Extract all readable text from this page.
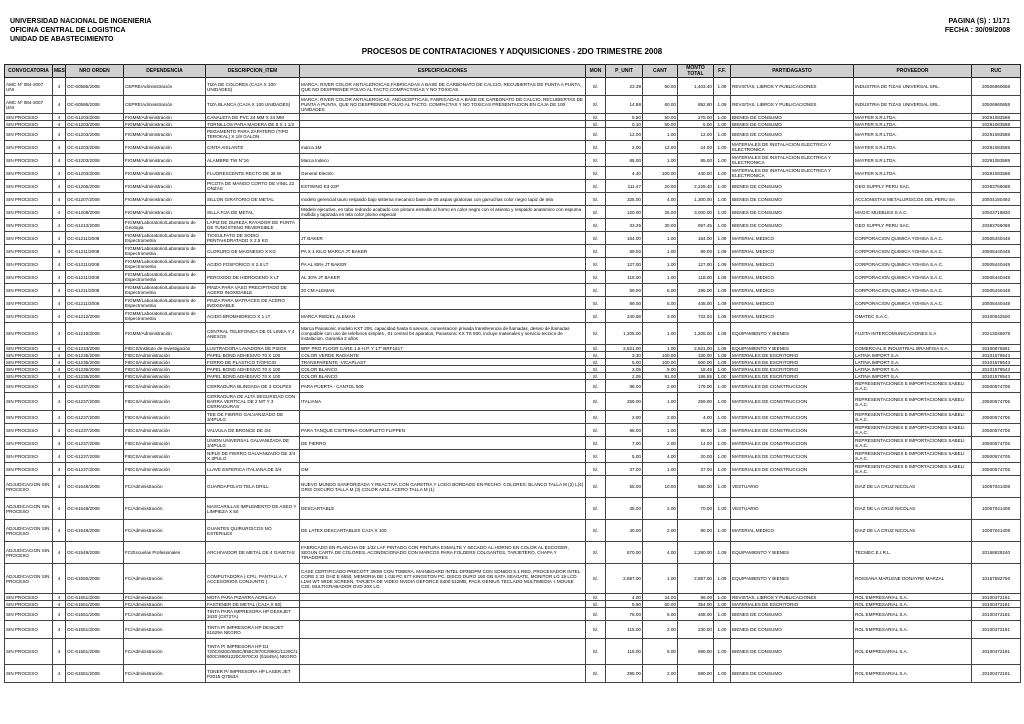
UNIVERSIDAD NACIONAL DE INGENIERIA
OFICINA CENTRAL DE LOGISTICA
UNIDAD DE ABASTECIMIENTO
PAGINA (S) : 1/171
FECHA : 30/09/2008
PROCESOS DE CONTRATACIONES Y ADQUISICIONES - 2DO TRIMESTRE 2008
CONVOCATORIA	MES	NRO ORDEN	DEPENDENCIA	DESCRIPCION_ITEM	ESPECIFICACIONES	MON	P_UNIT	CANT	MONTO TOTAL	F.F.	PARTIDAGASTO	PROVEEDOR	RUC
AMC Nº 084-2007 UNI	4	OC-60586/2008	CEPRE/Administración	TIZA DE COLORES (CAJA X 100 UNIDADES)	MARCA: RIVER COLOR ANTIALERGICAS,FABRICADAS A BASE DE CARBONATO DE CALCIO, RECUBIERTAS DE PUNTA A PUNTA, QUE NO DESPRENDE POLVO AL TACTO,COMPACTADAS Y NO TOXICAS.	S/.	23.39	60.00	1,403.40	1.09	REVISTAS, LIBROS Y PUBLICACIONES	INDUSTRIA DE TIZAS UNIVERSAL SRL.	20506960658
AMC Nº 084-2007 UNI	4	OC-60586/2008	CEPRE/Administración	TIZA BLANCA (CAJA X 100 UNIDADES)	MARCA: RIVER COLOR ANTIALERGICAS, ANDUCEPTICAS, FABRICADAS A BASE DE CARBONATO DE CALCIO, RECUBIERTAS DE PUNTA A PUNTA, QUE NO DESPRENDE POLVO AL TACTO, COMPACTAS Y NO TOXICAS PRESENTACION EN CAJA DE 100 UNIDADES	S/.	14.88	60.00	892.80	1.09	REVISTAS, LIBROS Y PUBLICACIONES	INDUSTRIA DE TIZAS UNIVERSAL SRL.	20506960658
SIN PROCESO	4	OC-61203/2008	FIGMM/Administración	CANALETA DE PVC 24 MM X 24 MM		S/.	5.50	50.00	275.00	1.00	BIENES DE CONSUMO	MAYFER S.R.LTDA.	20291083588
SIN PROCESO	4	OC-61203/2008	FIGMM/Administración	TORNILLOS PARA MADERA DE 8 X 1 1/2		S/.	0.10	50.00	5.00	1.00	BIENES DE CONSUMO	MAYFER S.R.LTDA.	20291083588
SIN PROCESO	4	OC-61203/2008	FIGMM/Administración	PEGAMENTO PARA ZAPATERO (TIPO TEROKAL) X 1/8 GALON		S/.	12.00	1.00	12.00	1.00	BIENES DE CONSUMO	MAYFER S.R.LTDA.	20291083588
SIN PROCESO	4	OC-61203/2008	FIGMM/Administración	CINTA AISLANTE	marca 3M	S/.	2.00	12.00	24.00	1.00	MATERIALES DE INSTALACION ELECTRICA Y ELECTRONICA	MAYFER S.R.LTDA.	20291083588
SIN PROCESO	4	OC-61203/2008	FIGMM/Administración	ALAMBRE TW N°16	Marca Indeco	S/.	85.00	1.00	85.00	1.00	MATERIALES DE INSTALACION ELECTRICA Y ELECTRONICA	MAYFER S.R.LTDA.	20291083588
SIN PROCESO	4	OC-61203/2008	FIGMM/Administración	FLUORESCENTE RECTO DE 36 W	General Electric	S/.	4.40	100.00	440.00	1.00	MATERIALES DE INSTALACION ELECTRICA Y ELECTRONICA	MAYFER S.R.LTDA.	20291083588
SIN PROCESO	4	OC-61206/2008	FIGMM/Administración	PICOTA DE MANGO CORTO DE VINIL 22 ONZAS	ESTWING E3-22P	S/.	111.47	20.00	2,229.40	1.00	BIENES DE CONSUMO	GEO SUPPLY PERU SAC.	20383766088
SIN PROCESO	4	OC-61207/2008	FIGMM/Administración	SILLON GIRATORIO DE METAL	modelo gerencial tauro respaldo bajo sistema mecanico base de 05 aspas giratorias con garruchas color negro tapiz de tela	S/.	325.00	4.00	1,300.00	1.00	BIENES DE CONSUMO	ACCIONISTAS METALURGICOS DEL PERU SA	20504180493
SIN PROCESO	4	OC-61208/2008	FIGMM/Administración	SILLA FIJA DE METAL	Modelo ejecutivo, en tubo redondo acabado con pintura esmalte al horno en color negro con el asiento y respaldo anatomico con espuma mullida y tapizada en tela color plomo especial	S/.	120.00	25.00	3,000.00	1.00	BIENES DE CONSUMO	MAGIC MUEBLES S.A.C.	20503718830
SIN PROCESO	4	OC-61210/2008	FIGMM/Laboratorio/Laboratorio de Geologia	LAPIZ DE DUREZA RAYADOR DE PUNTA DE TUNGSTENO REVERSIBLE		S/.	33.25	30.00	997.45	1.00	BIENES DE CONSUMO	GEO SUPPLY PERU SAC.	20383766088
SIN PROCESO	4	OC-61211/2008	FIGMM/Laboratorio/Laboratorio de Espectrometria	TIOSULFATO DE SODIO PENTAHIDRATADO X 2.5 KG	JT BAKER	S/.	164.00	1.00	164.00	1.09	MATERIAL MEDICO	CORPORACION QUIMICA YOHISA S.A.C.	20505440448
SIN PROCESO	4	OC-61211/2008	FIGMM/Laboratorio/Laboratorio de Espectrometria	CLORURO DE MAGNESIO X KG	PA X 1 KILO MARCA JT BAKER	S/.	89.00	1.00	89.00	1.09	MATERIAL MEDICO	CORPORACION QUIMICA YOHISA S.A.C.	20505440448
SIN PROCESO	4	OC-61211/2008	FIGMM/Laboratorio/Laboratorio de Espectrometria	ACIDO FOSFORICO X 2.5 LT	PA AL 85% JT BAKER	S/.	127.00	1.00	127.00	1.09	MATERIAL MEDICO	CORPORACION QUIMICA YOHISA S.A.C.	20505440448
SIN PROCESO	4	OC-61211/2008	FIGMM/Laboratorio/Laboratorio de Espectrometria	PEROXIDO DE HIDROGENO X LT	AL 30% JT BAKER	S/.	118.00	1.00	118.00	1.09	MATERIAL MEDICO	CORPORACION QUIMICA YOHISA S.A.C.	20505440448
SIN PROCESO	4	OC-61211/2008	FIGMM/Laboratorio/Laboratorio de Espectrometria	PINZA PARA VASO PRECIPITADO DE ACERO INOXIDABLE	20 CM ALEMAN	S/.	59.00	5.00	295.00	1.09	MATERIAL MEDICO	CORPORACION QUIMICA YOHISA S.A.C.	20505440448
SIN PROCESO	4	OC-61211/2008	FIGMM/Laboratorio/Laboratorio de Espectrometria	PINZA PARA MATRACES DE ACERO INOXIDABLE		S/.	89.00	5.00	445.00	1.09	MATERIAL MEDICO	CORPORACION QUIMICA YOHISA S.A.C.	20505440448
SIN PROCESO	4	OC-61212/2008	FIGMM/Laboratorio/Laboratorio de Espectrometria	ACIDO BROMHIDRICO X 1 LT	MARCA RIEDEL ALEMAN	S/.	240.68	3.00	722.04	1.09	MATERIAL MEDICO	OMATEC S.A.C.	20100042500
SIN PROCESO	4	OC-61215/2008	FIGMM/Administración	CENTRAL TELEFONICA DE 01 LINEA Y 4 ANEXOS	Marca Panasonic modelo KXT 206, capacidad hasta 6 anexos, conversacion privada transferencia de llamadas, desvio de llamadas compatible con uso de telefonos simples , 01 central 04 aparatos, Panasonic KX TS 500, incluye materiales y servicio tecnico de instalacion. Garantia 2 años	S/.	1,205.00	1.00	1,205.00	1.09	EQUIPAMIENTO Y BIENES	FUJITA INTERCOMUNICACIONES S.A	20213046978
SIN PROCESO	4	OC-61233/2008	FIECS/Instituto de Investigación	LUSTRADORA LAVADORA DE PISOS	BRF PRO FLOOR CARE 1.6 H.P. Y 17" BRF1617	S/.	2,621.00	1.00	2,621.00	1.09	EQUIPAMIENTO Y BIENES	COMERCIAL E INDUSTRIAL BRANFISA S.A.	20100675961
SIN PROCESO	4	OC-61235/2008	FIECS/Administración	PAPEL BOND ADHESIVO 70 X 100	COLOR VERDE RADIANTE	S/.	3.30	100.00	330.00	1.09	MATERIALES DE ESCRITORIO	LATINA IMPORT S.A.	20101578543
SIN PROCESO	4	OC-61235/2008	FIECS/Administración	FORRO DE PLASTICO T/OFICIO	TRANSPARENTE -VICAPLAST	S/.	5.00	100.00	500.00	1.09	MATERIALES DE ESCRITORIO	LATINA IMPORT S.A.	20101578543
SIN PROCESO	4	OC-61236/2008	FIECS/Administración	PAPEL BOND ADHESIVO 70 X 100	COLOR BLANCO	S/.	2.05	9.00	18.45	1.00	MATERIALES DE ESCRITORIO	LATINA IMPORT S.A.	20101578543
SIN PROCESO	4	OC-61236/2008	FIECS/Administración	PAPEL BOND ADHESIVO 70 X 100	COLOR BLANCO	S/.	2.05	91.00	186.55	1.00	MATERIALES DE ESCRITORIO	LATINA IMPORT S.A.	20101578543
SIN PROCESO	4	OC-61237/2008	FIECS/Administración	CERRADURA BLINDADA DE 3 GOLPES	PARA PUERTA - CANTOL 900	S/.	88.00	2.00	176.00	1.00	MATERIALES DE CONSTRUCCION	REPRESENTACIONES E IMPORTACIONES SABELI S.A.C.	20500574705
SIN PROCESO	4	OC-61237/2008	FIECS/Administración	CERRADURA DE ALTA SEGURIDAD CON BARRA VERTICAL DE 2 MT Y 3 CERRADURAS	ITALIANA	S/.	259.00	1.00	259.00	1.00	MATERIALES DE CONSTRUCCION	REPRESENTACIONES E IMPORTACIONES SABELI S.A.C.	20500574705
SIN PROCESO	4	OC-61237/2008	FIECS/Administración	TEE DE FIERRO GALVANIZADO DE 3/4PULG		S/.	2.00	2.00	4.00	1.00	MATERIALES DE CONSTRUCCION	REPRESENTACIONES E IMPORTACIONES SABELI S.A.C.	20500574705
SIN PROCESO	4	OC-61237/2008	FIECS/Administración	VALVULA DE BRONCE DE 3/4	PARA TANQUE CISTERNA-COMPLETO FLIPPEN	S/.	98.00	1.00	98.00	1.00	MATERIALES DE CONSTRUCCION	REPRESENTACIONES E IMPORTACIONES SABELI S.A.C.	20500574705
SIN PROCESO	4	OC-61237/2008	FIECS/Administración	UNION UNIVERSAL GALVANIZADA DE 3/4PULG	DE FIERRO	S/.	7.00	2.00	14.00	1.00	MATERIALES DE CONSTRUCCION	REPRESENTACIONES E IMPORTACIONES SABELI S.A.C.	20500574705
SIN PROCESO	4	OC-61237/2008	FIECS/Administración	NIPLE DE FIERRO GALVANIZADO DE 3/4 X 3PULG		S/.	5.00	4.00	20.00	1.00	MATERIALES DE CONSTRUCCION	REPRESENTACIONES E IMPORTACIONES SABELI S.A.C.	20500574705
SIN PROCESO	4	OC-61237/2008	FIECS/Administración	LLAVE ESFERICA ITALIANA DE 3/4	OM	S/.	37.00	1.00	37.00	1.00	MATERIALES DE CONSTRUCCION	REPRESENTACIONES E IMPORTACIONES SABELI S.A.C.	20500574705
ADJUDICACION SIN PROCESO	4	OC-61548/2008	FC/Administración	GUARDAPOLVO TELA DRILL	NUEVO MUNDO SANFORIZADA Y REACTIVA CON GARETRA Y LOGO BORDADO EN PECHO. COLORES: BLANCO TALLA M (2) L(4) GRIS OSCURO TALLA M (3) COLOR AZUL ACERO TALLA M (1)	S/.	55.00	10.00	550.00	1.00	VESTUARIO	DIAZ DE LA CRUZ NICOLAS	10067041408
ADJUDICACION SIN PROCESO	4	OC-61548/2008	FC/Administración	MASCARILLAS IMPLEMENTO DE ASEO Y LIMPIEZA X 50	DESCARTABLE	S/.	35.00	2.00	70.00	1.00	VESTUARIO	DIAZ DE LA CRUZ NICOLAS	10067041408
ADJUDICACION SIN PROCESO	4	OC-61548/2008	FC/Administración	GUANTES QUIRURGICOS NO ESTERILES	DE LATEX DESCARTABLES CAJA X 100	S/.	40.00	2.00	80.00	1.00	MATERIAL MEDICO	DIAZ DE LA CRUZ NICOLAS	10067041408
ADJUDICACION SIN PROCESO	4	OC-61549/2008	FC/Escuelas Profesionales	ARCHIVADOR DE METAL DE 4 GAVETAS	FABRICADO EN PLANCHA DE 1/32 LAF PINTADO CON PINTURA ESMALTE Y SECADO AL HORNO EN COLOR AL ESCOGER, SEGUN CARTA DE COLORES, ACONDICIONADO CON MARCOS PARA FOLDERS COLGANTES, TARJETERO, CHAPA Y TIRADORES	S/.	570.00	4.00	2,280.00	1.09	EQUIPAMIENTO Y BIENES	TECMEC E.I.R.L.	20168629240
ADJUDICACION SIN PROCESO	4	OC-61550/2008	FC/Administración	COMPUTADORA ( CPU, PANTALLA, Y ACCESORIOS CONJUNTO )	CASE CERTIFICADO PRECOTT 300W CON TOBERA, MAINBOARD INTEL DP35DPM CON SONIDO 5.1 RED, PROCESADOR INTEL CORE 2 33 GHZ E 6550, MEMORIA DE 1 GB PC 677 KINGSTON PC, DISCO DURO 160 GB SATA SEAGATE, MONITOR LG 19 LCD L194 WT WIDE SCREEN, TARJETA DE VIDEO NVIDIA GEFORCE 8400 512MB, PACK GENIUS TECLADO MULTIMEDIA + MOUSE C20, MULTIGRABADOR DVD 20X LG.	S/.	2,887.00	1.00	2,887.00	1.09	EQUIPAMIENTO Y BIENES	ROSSANA MARLENE DONAYRE MARZAL	10157592756
SIN PROCESO	4	OC-61551/2008	FC/Administración	MOTA PARA PIZARRA ACRILICA		S/.	4.00	24.00	96.00	1.00	REVISTAS, LIBROS Y PUBLICACIONES	ROL EMPRESARIAL S.A.	20100472181
SIN PROCESO	4	OC-61551/2008	FC/Administración	FASTENER DE METAL (CAJA X 50)		S/.	5.90	60.00	354.00	1.00	MATERIALES DE ESCRITORIO	ROL EMPRESARIAL S.A.	20100472181
SIN PROCESO	4	OC-61551/2008	FC/Administración	TINTA PARA IMPRESORA HP DESKJET 3420 (C8727A)		S/.	78.00	6.00	468.00	1.00	BIENES DE CONSUMO	ROL EMPRESARIAL S.A.	20100472181
SIN PROCESO	4	OC-61551/2008	FC/Administración	TINTA P/ IMPRESORA HP DESKJET 51629A NEGRO		S/.	115.00	2.00	230.00	1.00	BIENES DE CONSUMO	ROL EMPRESARIAL S.A.	20100472181
SIN PROCESO	4	OC-61551/2008	FC/Administración	TINTA P/ IMPRESORA HP DJ 720C/820C/850C/855C/870C/890C/1120C/1600C/990/1220C/970CXI (51645A) NEGRO		S/.	115.00	6.00	690.00	1.00	BIENES DE CONSUMO	ROL EMPRESARIAL S.A.	20100472181
SIN PROCESO	4	OC-61551/2008	FC/Administración	TONER P/ IMPRESORA HP LASER JET P2015 Q7553A		S/.	295.00	2.00	590.00	1.00	BIENES DE CONSUMO	ROL EMPRESARIAL S.A.	20100472181
